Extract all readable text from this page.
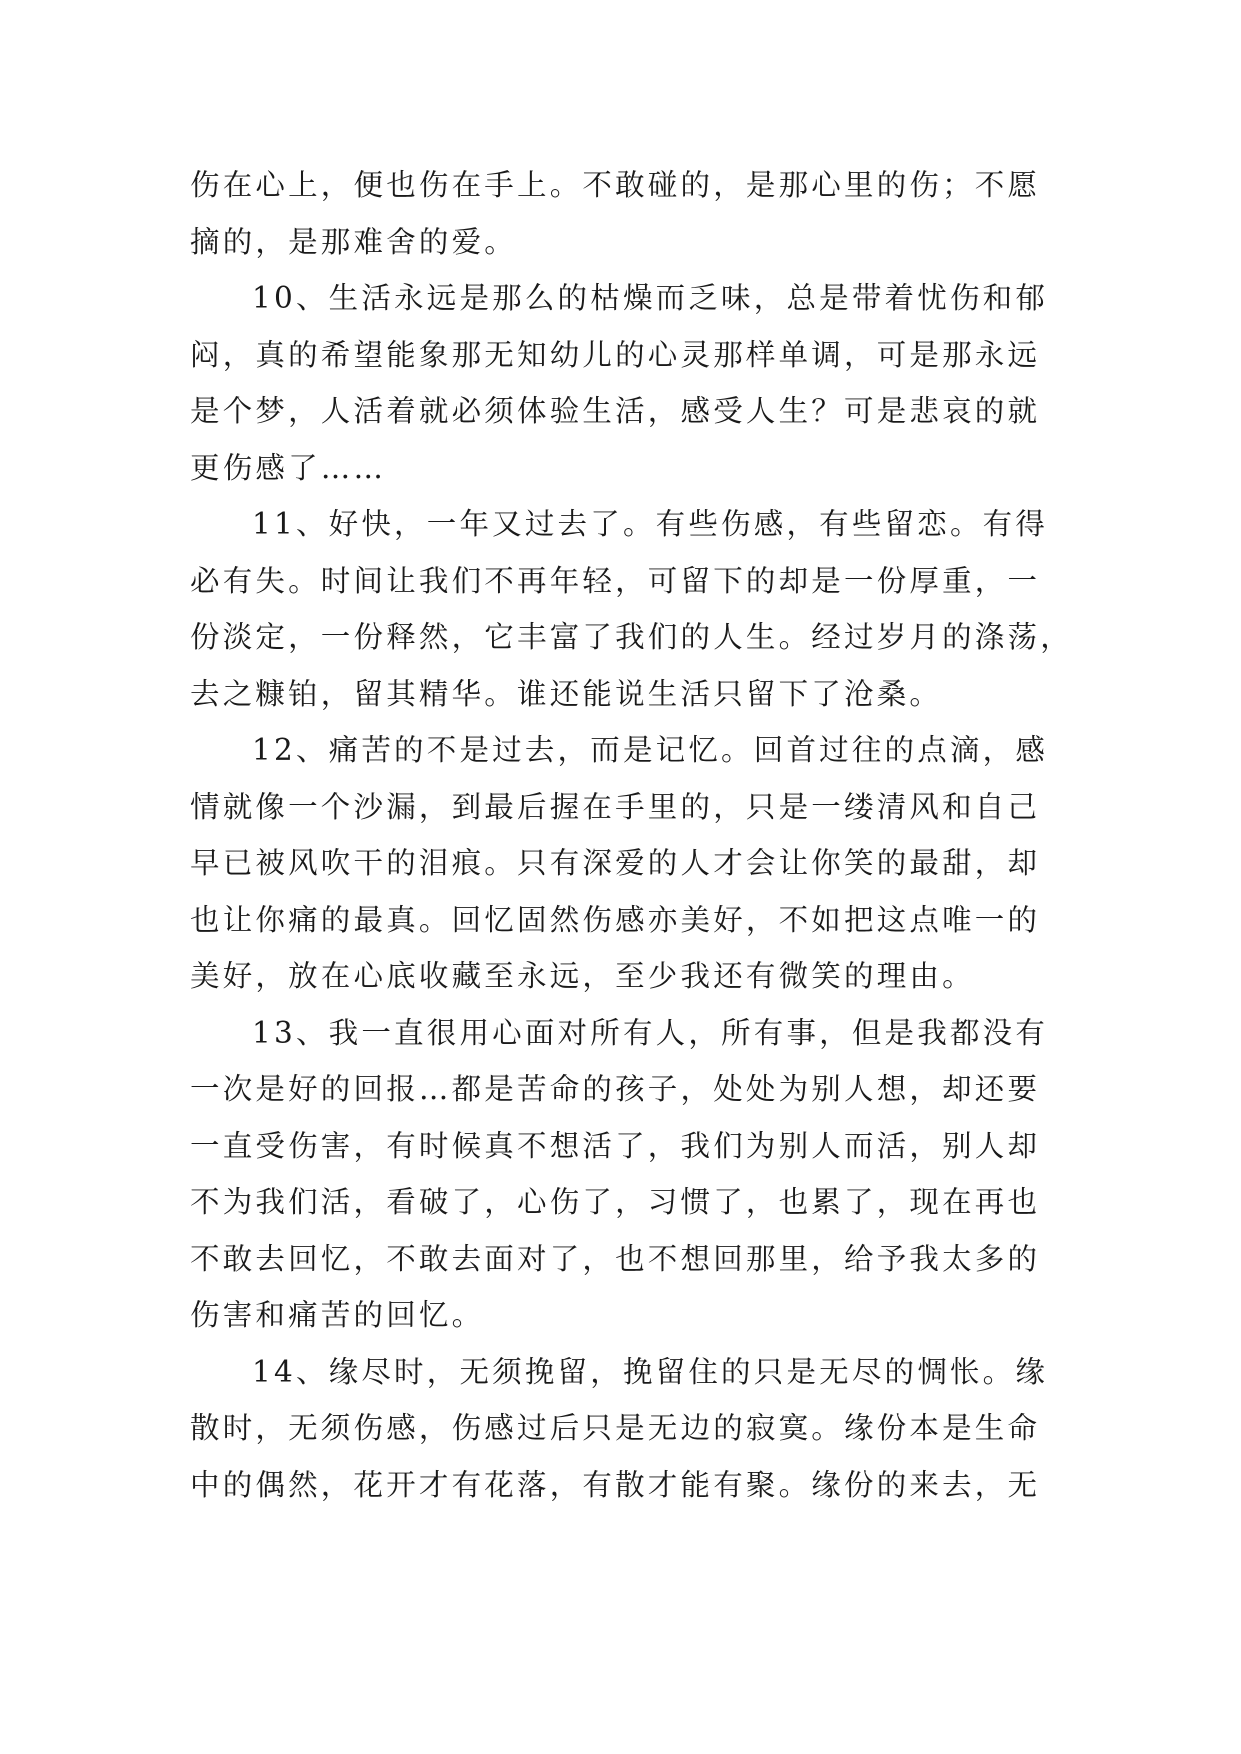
伤在心上，便也伤在手上。不敢碰的，是那心里的伤；不愿
摘的，是那难舍的爱。
10、生活永远是那么的枯燥而乏味，总是带着忧伤和郁
闷，真的希望能象那无知幼儿的心灵那样单调，可是那永远
是个梦，人活着就必须体验生活，感受人生？可是悲哀的就
更伤感了……
11、好快，一年又过去了。有些伤感，有些留恋。有得
必有失。时间让我们不再年轻，可留下的却是一份厚重，一
份淡定，一份释然，它丰富了我们的人生。经过岁月的涤荡，
去之糠铂，留其精华。谁还能说生活只留下了沧桑。
12、痛苦的不是过去，而是记忆。回首过往的点滴，感
情就像一个沙漏，到最后握在手里的，只是一缕清风和自己
早已被风吹干的泪痕。只有深爱的人才会让你笑的最甜，却
也让你痛的最真。回忆固然伤感亦美好，不如把这点唯一的
美好，放在心底收藏至永远，至少我还有微笑的理由。
13、我一直很用心面对所有人，所有事，但是我都没有
一次是好的回报…都是苦命的孩子，处处为别人想，却还要
一直受伤害，有时候真不想活了，我们为别人而活，别人却
不为我们活，看破了，心伤了，习惯了，也累了，现在再也
不敢去回忆，不敢去面对了，也不想回那里，给予我太多的
伤害和痛苦的回忆。
14、缘尽时，无须挽留，挽留住的只是无尽的惆怅。缘
散时，无须伤感，伤感过后只是无边的寂寞。缘份本是生命
中的偶然，花开才有花落，有散才能有聚。缘份的来去，无
